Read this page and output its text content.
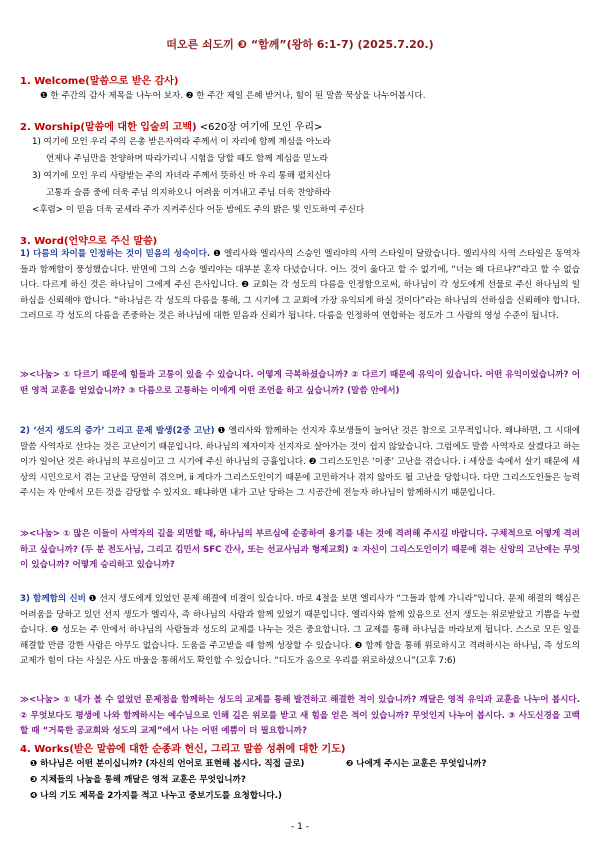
떠오른 쇠도끼 ❸ “함께”(왕하 6:1-7) (2025.7.20.)
1. Welcome(말씀으로 받은 감사)
❶ 한 주간의 감사 제목을 나누어 보자. ❷ 한 주간 제일 은혜 받거나, 힘이 된 말씀 묵상을 나누어봅시다.
2. Worship(말씀에 대한 입술의 고백) <620장 여기에 모인 우리>
1) 여기에 모인 우리 주의 은총 받은자여라 주께서 이 자리에 함께 계심을 아노라
언제나 주님만을 찬양하며 따라가리니 시험을 당할 때도 함께 계심을 믿노라
3) 여기에 모인 우리 사랑받는 주의 자녀라 주께서 뜻하신 바 우리 통해 펼치신다
고통과 슬픔 중에 더욱 주님 의지하오니 어려움 이겨내고 주님 더욱 찬양하라
<후렴> 이 믿음 더욱 굳세라 주가 지켜주신다 어둔 밤에도 주의 밝은 빛 인도하여 주신다
3. Word(언약으로 주신 말씀)
1) 다름의 차이를 인정하는 것이 믿음의 성숙이다. ❶ 엘리사와 엘리사의 스승인 엘리야의 사역 스타일이 달랐습니다. 엘리사의 사역 스타일은 동역자들과 함께함이 풍성했습니다. 반면에 그의 스승 엘리야는 대부분 혼자 다녔습니다. 어느 것이 옳다고 할 수 없기에, “너는 왜 다르냐?”라고 할 수 없습니다. 다르게 하신 것은 하나님이 그에게 주신 은사입니다. ❷ 교회는 각 성도의 다름을 인정함으로써, 하나님이 각 성도에게 선물로 주신 하나님의 일하심을 신뢰해야 합니다. “하나님은 각 성도의 다름을 통해, 그 시기에 그 교회에 가장 유익되게 하실 것이다”라는 하나님의 선하심을 신뢰해야 합니다. 그러므로 각 성도의 다름을 존중하는 것은 하나님에 대한 믿음과 신뢰가 됩니다. 다름을 인정하여 연합하는 정도가 그 사람의 영성 수준이 됩니다.
≫<나눔> ① 다르기 때문에 힘들과 고통이 있을 수 있습니다. 어떻게 극복하셨습니까? ② 다르기 때문에 유익이 있습니다. 어떤 유익이었습니까? 어떤 영적 교훈을 얻었습니까? ③ 다름으로 고통하는 이에게 어떤 조언을 하고 싶습니까? (말씀 안에서)
2) ‘선지 생도의 증가’ 그리고 문제 발생(2중 고난) ❶ 엘리사와 함께하는 선지자 후보생들이 늘어난 것은 참으로 고무적입니다. 왜냐하면, 그 시대에 말씀 사역자로 산다는 것은 고난이기 때문입니다. 하나님의 제자이자 선지자로 살아가는 것이 쉽지 않았습니다. 그럼에도 말씀 사역자로 살겠다고 하는 이가 일어난 것은 하나님의 부르심이고 그 시기에 주신 하나님의 긍휼입니다. ❷ 그리스도인은 ‘이중’ 고난을 겪습니다. ⅰ 세상을 속에서 살기 때문에 세상의 시민으로서 겪는 고난을 당연히 겪으며, ⅱ 게다가 그리스도인이기 때문에 고민하거나 겪지 않아도 될 고난을 당합니다. 다만 그리스도인들은 능력 주시는 자 안에서 모든 것을 감당할 수 있지요. 왜냐하면 내가 고난 당하는 그 시공간에 전능자 하나님이 함께하시기 때문입니다.
≫<나눔> ① 많은 이들이 사역자의 길을 외면할 때, 하나님의 부르심에 순종하여 용기를 내는 것에 격려해 주시길 바랍니다. 구체적으로 어떻게 격려하고 싶습니까? (두 분 전도사님, 그리고 김민서 SFC 간사, 또는 선교사님과 형제교회) ② 자신이 그리스도인이기 때문에 겪는 신앙의 고난에는 무엇이 있습니까? 어떻게 승리하고 있습니까?
3) 함께함의 신비 ❶ 선지 생도에게 있었던 문제 해결에 비결이 있습니다. 바로 4절을 보면 엘리사가 “그들과 함께 가니라”입니다. 문제 해결의 핵심은 어려움을 당하고 있던 선지 생도가 엘리사, 즉 하나님의 사람과 함께 있었기 때문입니다. 엘리사와 함께 있음으로 선지 생도는 위로받았고 기쁨을 누렸습니다. ❷ 성도는 주 안에서 하나님의 사람들과 성도의 교제를 나누는 것은 중요합니다. 그 교제를 통해 하나님을 바라보게 됩니다. 스스로 모든 일을 해결할 만큼 강한 사람은 아무도 없습니다. 도움을 주고받을 때 함께 성장할 수 있습니다. ❸ 함께 함을 통해 위로하시고 격려하시는 하나님, 즉 성도의 교제가 힘이 다는 사실은 사도 바울을 통해서도 확인할 수 있습니다. “디도가 옴으로 우리를 위로하셨으니”(고후 7:6)
≫<나눔> ① 내가 볼 수 없었던 문제점을 함께하는 성도의 교제를 통해 발견하고 해결한 적이 있습니까? 깨달은 영적 유익과 교훈을 나누어 봅시다. ② 무엇보다도 평생에 나와 함께하시는 예수님으로 인해 깊은 위로를 받고 새 힘을 얻은 적이 있습니까? 무엇인지 나누어 봅시다. ③ 사도신경을 고백할 때 “거룩한 공교회와 성도의 교제”에서 나는 어떤 예쁨이 더 필요합니까?
4. Works(받은 말씀에 대한 순종과 헌신, 그리고 말씀 성취에 대한 기도)
❶ 하나님은 어떤 분이십니까? (자신의 언어로 표현해 봅시다. 직접 글로)	❷ 나에게 주시는 교훈은 무엇입니까?
❸ 지체들의 나눔을 통해 깨달은 영적 교훈은 무엇입니까?
❹ 나의 기도 제목을 2가지를 적고 나누고 중보기도를 요청합니다.)
- 1 -
